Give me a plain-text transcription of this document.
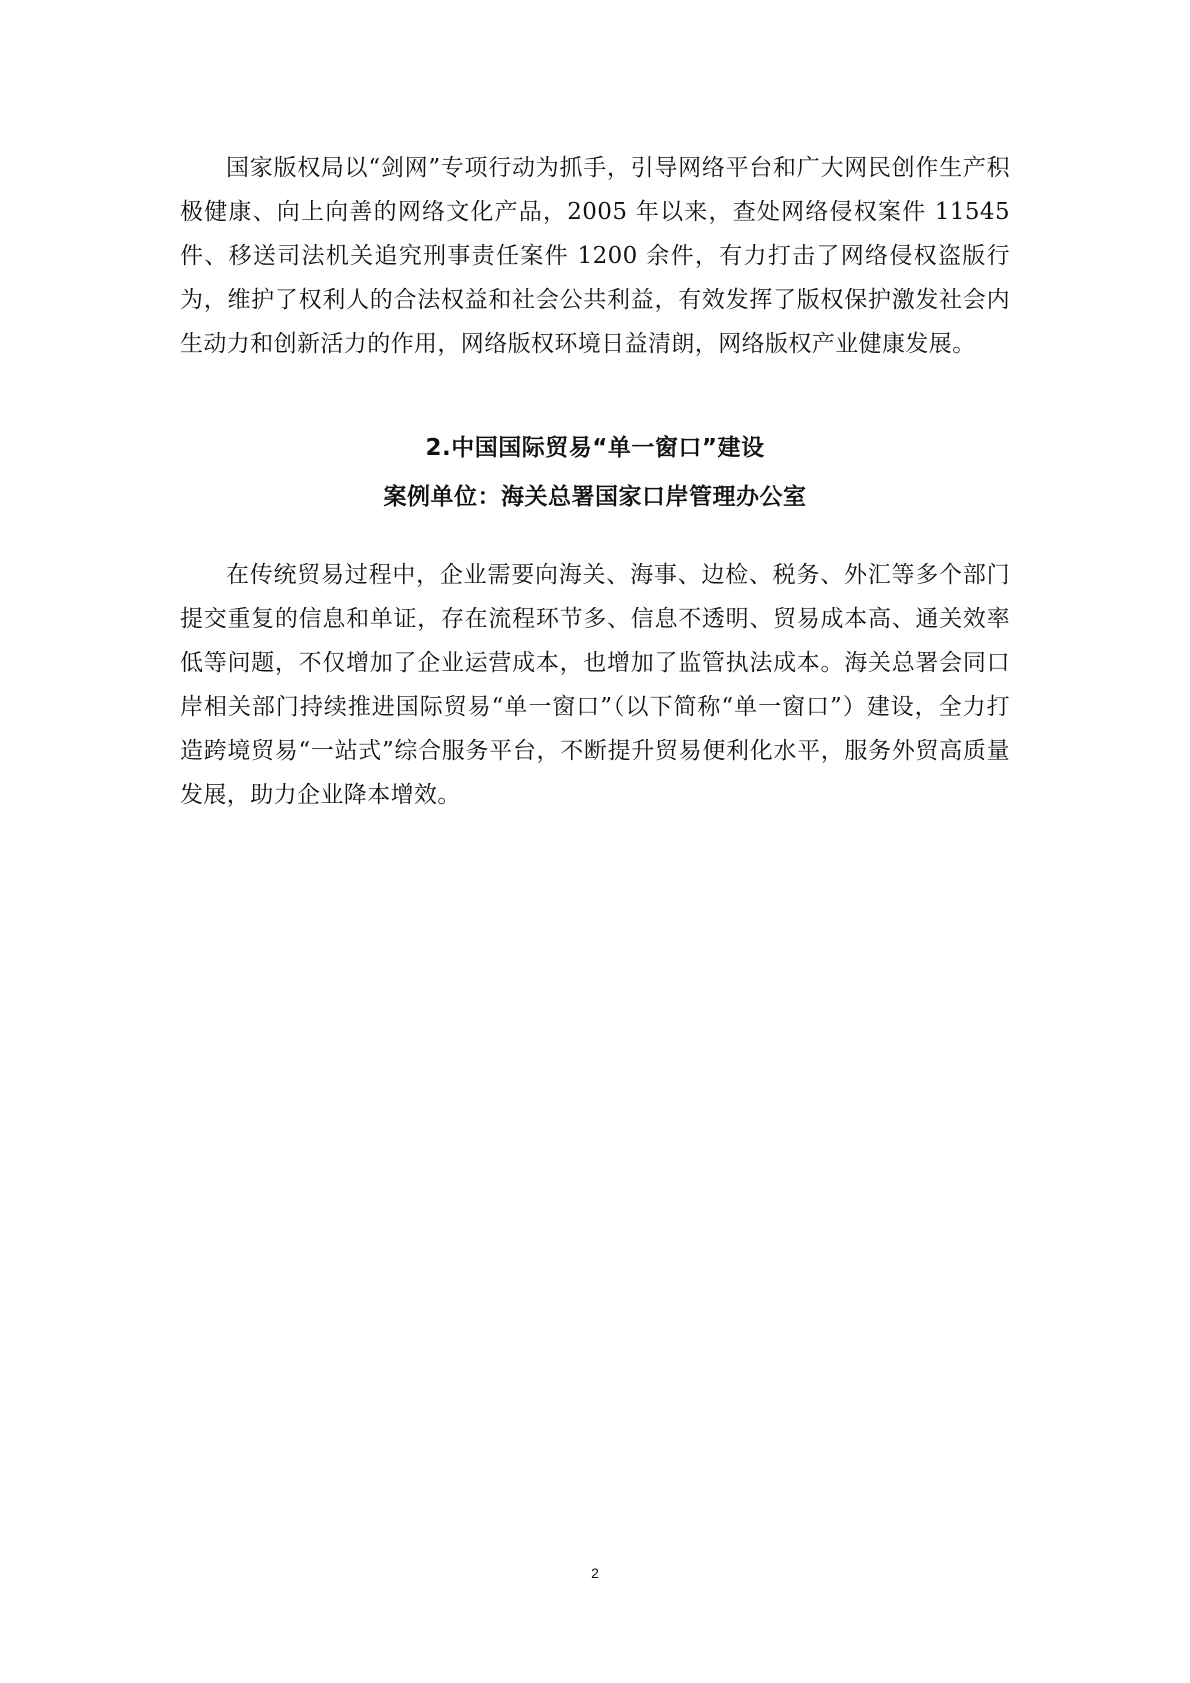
国家版权局以“剑网”专项行动为抓手，引导网络平台和广大网民创作生产积极健康、向上向善的网络文化产品，2005 年以来，查处网络侵权案件 11545 件、移送司法机关追究刑事责任案件 1200 余件，有力打击了网络侵权盗版行为，维护了权利人的合法权益和社会公共利益，有效发挥了版权保护激发社会内生动力和创新活力的作用，网络版权环境日益清朗，网络版权产业健康发展。

2.中国国际贸易“单一窗口”建设
案例单位：海关总署国家口岸管理办公室

在传统贸易过程中，企业需要向海关、海事、边检、税务、外汇等多个部门提交重复的信息和单证，存在流程环节多、信息不透明、贸易成本高、通关效率低等问题，不仅增加了企业运营成本，也增加了监管执法成本。海关总署会同口岸相关部门持续推进国际贸易“单一窗口”（以下简称“单一窗口”）建设，全力打造跨境贸易“一站式”综合服务平台，不断提升贸易便利化水平，服务外贸高质量发展，助力企业降本增效。

2
